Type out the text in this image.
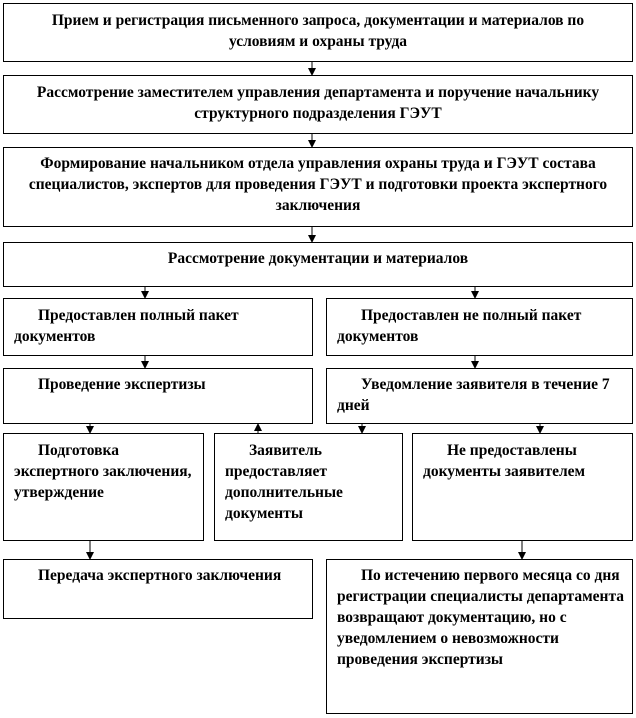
Прием и регистрация письменного запроса, документации и материалов по условиям и охраны труда
Рассмотрение заместителем управления департамента и поручение начальнику структурного подразделения ГЭУТ
Формирование начальником отдела управления охраны труда и ГЭУТ состава специалистов, экспертов для проведения ГЭУТ и подготовки проекта экспертного заключения
Рассмотрение документации и материалов
Предоставлен полный пакет документов
Предоставлен не полный пакет документов
Проведение экспертизы	Уведомление заявителя в течение 7 дней
Подготовка экспертного заключения, утверждение
Заявитель предоставляет дополнительные документы
Не предоставлены документы заявителем
Передача экспертного заключения	По истечению первого месяца со дня регистрации специалисты департамента возвращают документацию, но с уведомлением о невозможности проведения экспертизы
